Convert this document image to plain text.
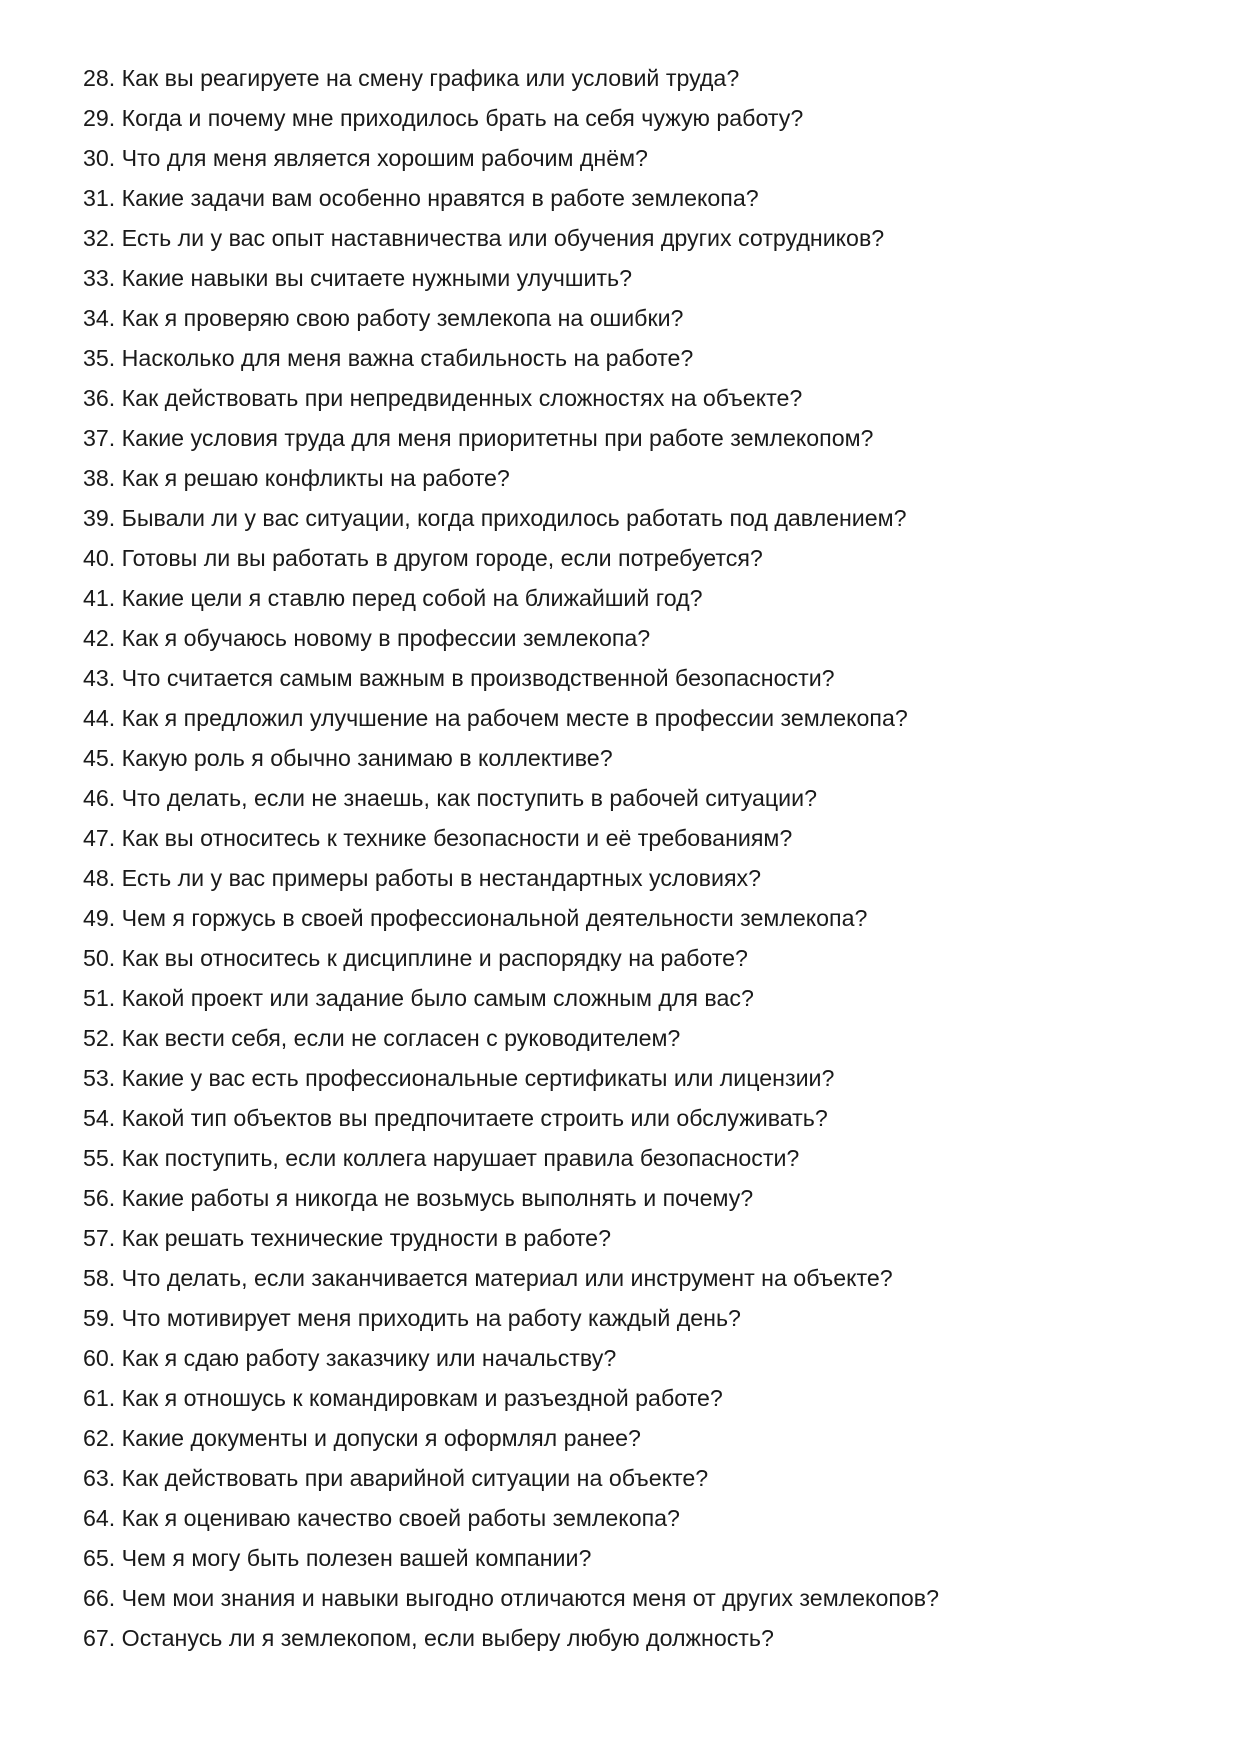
28. Как вы реагируете на смену графика или условий труда?
29. Когда и почему мне приходилось брать на себя чужую работу?
30. Что для меня является хорошим рабочим днём?
31. Какие задачи вам особенно нравятся в работе землекопа?
32. Есть ли у вас опыт наставничества или обучения других сотрудников?
33. Какие навыки вы считаете нужными улучшить?
34. Как я проверяю свою работу землекопа на ошибки?
35. Насколько для меня важна стабильность на работе?
36. Как действовать при непредвиденных сложностях на объекте?
37. Какие условия труда для меня приоритетны при работе землекопом?
38. Как я решаю конфликты на работе?
39. Бывали ли у вас ситуации, когда приходилось работать под давлением?
40. Готовы ли вы работать в другом городе, если потребуется?
41. Какие цели я ставлю перед собой на ближайший год?
42. Как я обучаюсь новому в профессии землекопа?
43. Что считается самым важным в производственной безопасности?
44. Как я предложил улучшение на рабочем месте в профессии землекопа?
45. Какую роль я обычно занимаю в коллективе?
46. Что делать, если не знаешь, как поступить в рабочей ситуации?
47. Как вы относитесь к технике безопасности и её требованиям?
48. Есть ли у вас примеры работы в нестандартных условиях?
49. Чем я горжусь в своей профессиональной деятельности землекопа?
50. Как вы относитесь к дисциплине и распорядку на работе?
51. Какой проект или задание было самым сложным для вас?
52. Как вести себя, если не согласен с руководителем?
53. Какие у вас есть профессиональные сертификаты или лицензии?
54. Какой тип объектов вы предпочитаете строить или обслуживать?
55. Как поступить, если коллега нарушает правила безопасности?
56. Какие работы я никогда не возьмусь выполнять и почему?
57. Как решать технические трудности в работе?
58. Что делать, если заканчивается материал или инструмент на объекте?
59. Что мотивирует меня приходить на работу каждый день?
60. Как я сдаю работу заказчику или начальству?
61. Как я отношусь к командировкам и разъездной работе?
62. Какие документы и допуски я оформлял ранее?
63. Как действовать при аварийной ситуации на объекте?
64. Как я оцениваю качество своей работы землекопа?
65. Чем я могу быть полезен вашей компании?
66. Чем мои знания и навыки выгодно отличаются меня от других землекопов?
67. Останусь ли я землекопом, если выберу любую должность?
